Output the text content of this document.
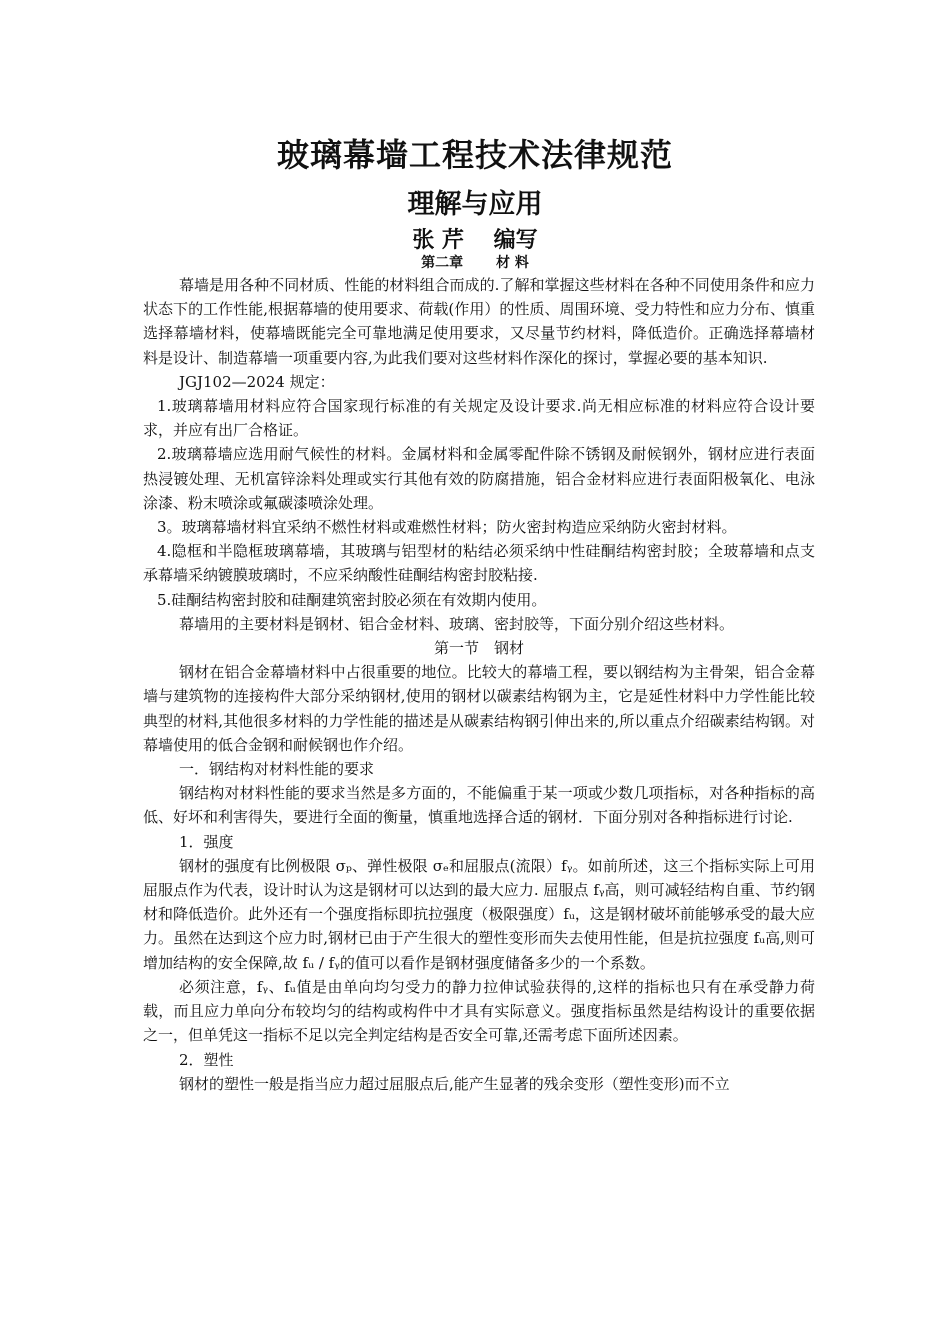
玻璃幕墙工程技术法律规范
理解与应用
张 芹　 编写
第二章　　 材 料

幕墙是用各种不同材质、性能的材料组合而成的.了解和掌握这些材料在各种不同使用条件和应力状态下的工作性能,根据幕墙的使用要求、荷载(作用）的性质、周围环境、受力特性和应力分布、慎重选择幕墙材料，使幕墙既能完全可靠地满足使用要求，又尽量节约材料，降低造价。正确选择幕墙材料是设计、制造幕墙一项重要内容,为此我们要对这些材料作深化的探讨，掌握必要的基本知识.

JGJ102—2024 规定：

1.玻璃幕墙用材料应符合国家现行标准的有关规定及设计要求.尚无相应标准的材料应符合设计要求，并应有出厂合格证。

2.玻璃幕墙应选用耐气候性的材料。金属材料和金属零配件除不锈钢及耐候钢外，钢材应进行表面热浸镀处理、无机富锌涂料处理或实行其他有效的防腐措施，铝合金材料应进行表面阳极氧化、电泳涂漆、粉末喷涂或氟碳漆喷涂处理。

3。玻璃幕墙材料宜采纳不燃性材料或难燃性材料；防火密封构造应采纳防火密封材料。

4.隐框和半隐框玻璃幕墙，其玻璃与铝型材的粘结必须采纳中性硅酮结构密封胶；全玻幕墙和点支承幕墙采纳镀膜玻璃时，不应采纳酸性硅酮结构密封胶粘接.

5.硅酮结构密封胶和硅酮建筑密封胶必须在有效期内使用。

幕墙用的主要材料是钢材、铝合金材料、玻璃、密封胶等，下面分别介绍这些材料。

第一节　钢材

钢材在铝合金幕墙材料中占很重要的地位。比较大的幕墙工程，要以钢结构为主骨架，铝合金幕墙与建筑物的连接构件大部分采纳钢材,使用的钢材以碳素结构钢为主，它是延性材料中力学性能比较典型的材料,其他很多材料的力学性能的描述是从碳素结构钢引伸出来的,所以重点介绍碳素结构钢。对幕墙使用的低合金钢和耐候钢也作介绍。

一．钢结构对材料性能的要求

钢结构对材料性能的要求当然是多方面的，不能偏重于某一项或少数几项指标，对各种指标的高低、好坏和利害得失，要进行全面的衡量，慎重地选择合适的钢材．下面分别对各种指标进行讨论.

1．强度

钢材的强度有比例极限 σₚ、弹性极限 σₑ和屈服点(流限）fᵧ。如前所述，这三个指标实际上可用屈服点作为代表，设计时认为这是钢材可以达到的最大应力. 屈服点 fᵧ高，则可减轻结构自重、节约钢材和降低造价。此外还有一个强度指标即抗拉强度（极限强度）fᵤ，这是钢材破坏前能够承受的最大应力。虽然在达到这个应力时,钢材已由于产生很大的塑性变形而失去使用性能，但是抗拉强度 fᵤ高,则可增加结构的安全保障,故 fᵤ / fᵧ的值可以看作是钢材强度储备多少的一个系数。

必须注意，fᵧ、fᵤ值是由单向均匀受力的静力拉伸试验获得的,这样的指标也只有在承受静力荷载，而且应力单向分布较均匀的结构或构件中才具有实际意义。强度指标虽然是结构设计的重要依据之一，但单凭这一指标不足以完全判定结构是否安全可靠,还需考虑下面所述因素。

2．塑性

钢材的塑性一般是指当应力超过屈服点后,能产生显著的残余变形（塑性变形)而不立
